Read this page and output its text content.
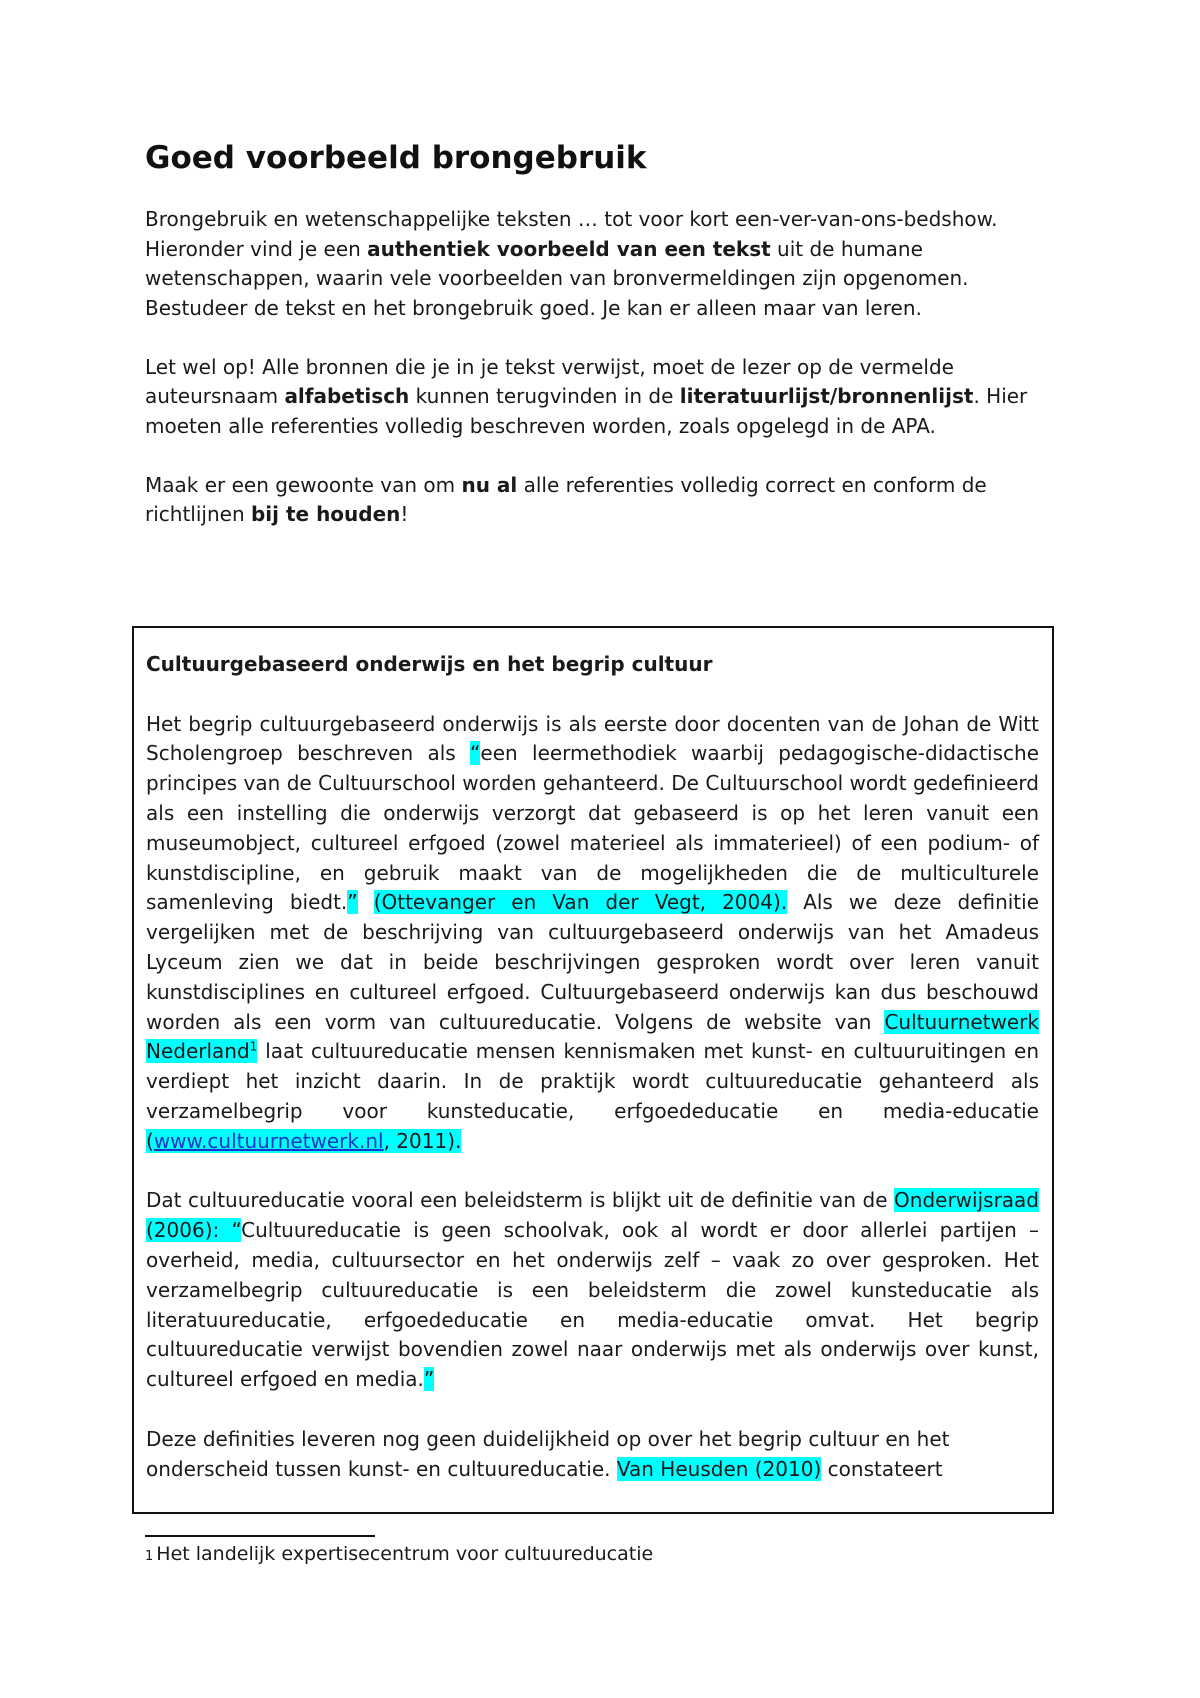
Goed voorbeeld brongebruik

Brongebruik en wetenschappelijke teksten … tot voor kort een-ver-van-ons-bedshow.
Hieronder vind je een authentiek voorbeeld van een tekst uit de humane wetenschappen, waarin vele voorbeelden van bronvermeldingen zijn opgenomen. Bestudeer de tekst en het brongebruik goed. Je kan er alleen maar van leren.

Let wel op! Alle bronnen die je in je tekst verwijst, moet de lezer op de vermelde auteursnaam alfabetisch kunnen terugvinden in de literatuurlijst/bronnenlijst. Hier moeten alle referenties volledig beschreven worden, zoals opgelegd in de APA.

Maak er een gewoonte van om nu al alle referenties volledig correct en conform de richtlijnen bij te houden!

Cultuurgebaseerd onderwijs en het begrip cultuur

Het begrip cultuurgebaseerd onderwijs is als eerste door docenten van de Johan de Witt Scholengroep beschreven als “een leermethodiek waarbij pedagogische-didactische principes van de Cultuurschool worden gehanteerd. De Cultuurschool wordt gedefinieerd als een instelling die onderwijs verzorgt dat gebaseerd is op het leren vanuit een museumobject, cultureel erfgoed (zowel materieel als immaterieel) of een podium- of kunstdiscipline, en gebruik maakt van de mogelijkheden die de multiculturele samenleving biedt.” (Ottevanger en Van der Vegt, 2004). Als we deze definitie vergelijken met de beschrijving van cultuurgebaseerd onderwijs van het Amadeus Lyceum zien we dat in beide beschrijvingen gesproken wordt over leren vanuit kunstdisciplines en cultureel erfgoed. Cultuurgebaseerd onderwijs kan dus beschouwd worden als een vorm van cultuureducatie. Volgens de website van Cultuurnetwerk Nederland$^1$ laat cultuureducatie mensen kennismaken met kunst- en cultuuruitingen en verdiept het inzicht daarin. In de praktijk wordt cultuureducatie gehanteerd als verzamelbegrip voor kunsteducatie, erfgoededucatie en media-educatie (www.cultuurnetwerk.nl, 2011).

Dat cultuureducatie vooral een beleidsterm is blijkt uit de definitie van de Onderwijsraad (2006): “Cultuureducatie is geen schoolvak, ook al wordt er door allerlei partijen – overheid, media, cultuursector en het onderwijs zelf – vaak zo over gesproken. Het verzamelbegrip cultuureducatie is een beleidsterm die zowel kunsteducatie als literatuureducatie, erfgoededucatie en media-educatie omvat. Het begrip cultuureducatie verwijst bovendien zowel naar onderwijs met als onderwijs over kunst, cultureel erfgoed en media.”

Deze definities leveren nog geen duidelijkheid op over het begrip cultuur en het onderscheid tussen kunst- en cultuureducatie. Van Heusden (2010) constateert

1 Het landelijk expertisecentrum voor cultuureducatie
